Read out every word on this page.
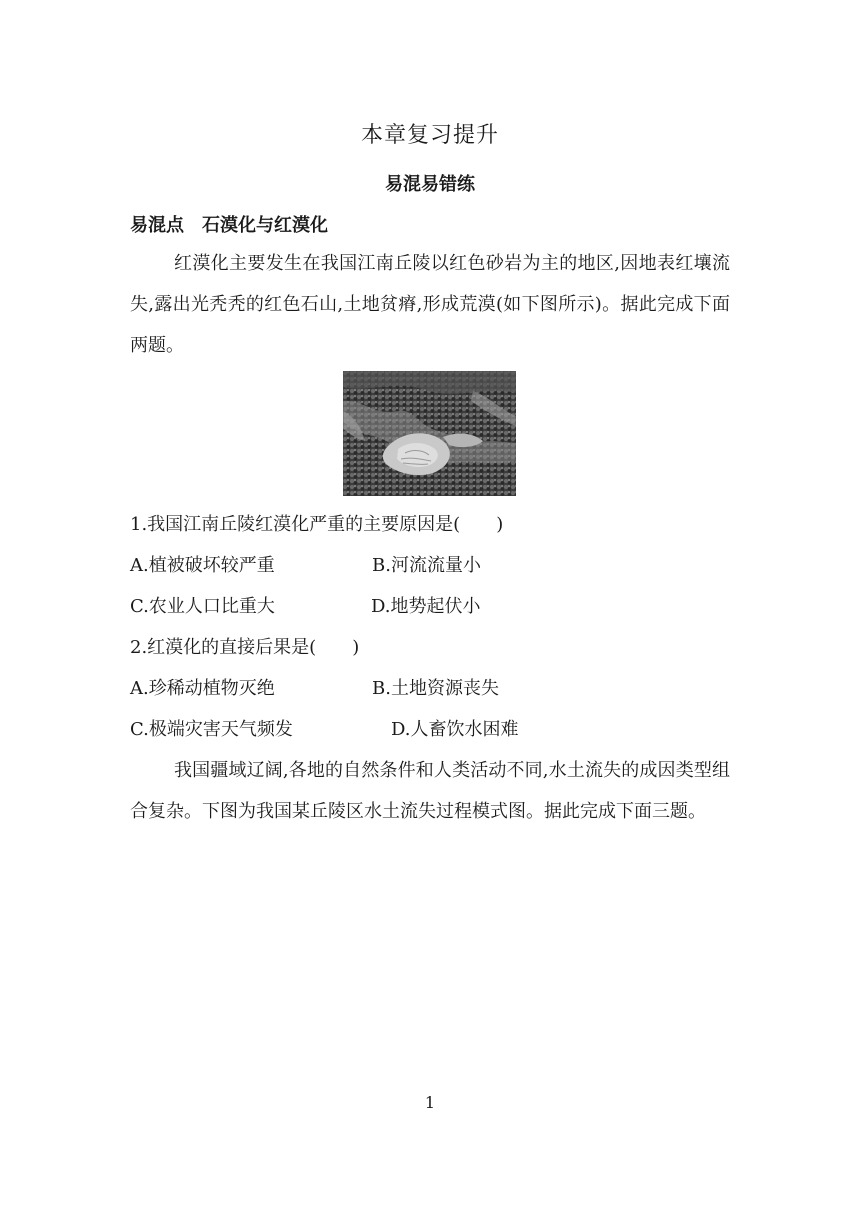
本章复习提升
易混易错练
易混点　石漠化与红漠化
红漠化主要发生在我国江南丘陵以红色砂岩为主的地区,因地表红壤流失,露出光秃秃的红色石山,土地贫瘠,形成荒漠(如下图所示)。据此完成下面两题。
1.我国江南丘陵红漠化严重的主要原因是(　　)
A.植被破坏较严重	B.河流流量小
C.农业人口比重大	D.地势起伏小
2.红漠化的直接后果是(　　)
A.珍稀动植物灭绝	B.土地资源丧失
C.极端灾害天气频发	D.人畜饮水困难
我国疆域辽阔,各地的自然条件和人类活动不同,水土流失的成因类型组合复杂。下图为我国某丘陵区水土流失过程模式图。据此完成下面三题。
1
